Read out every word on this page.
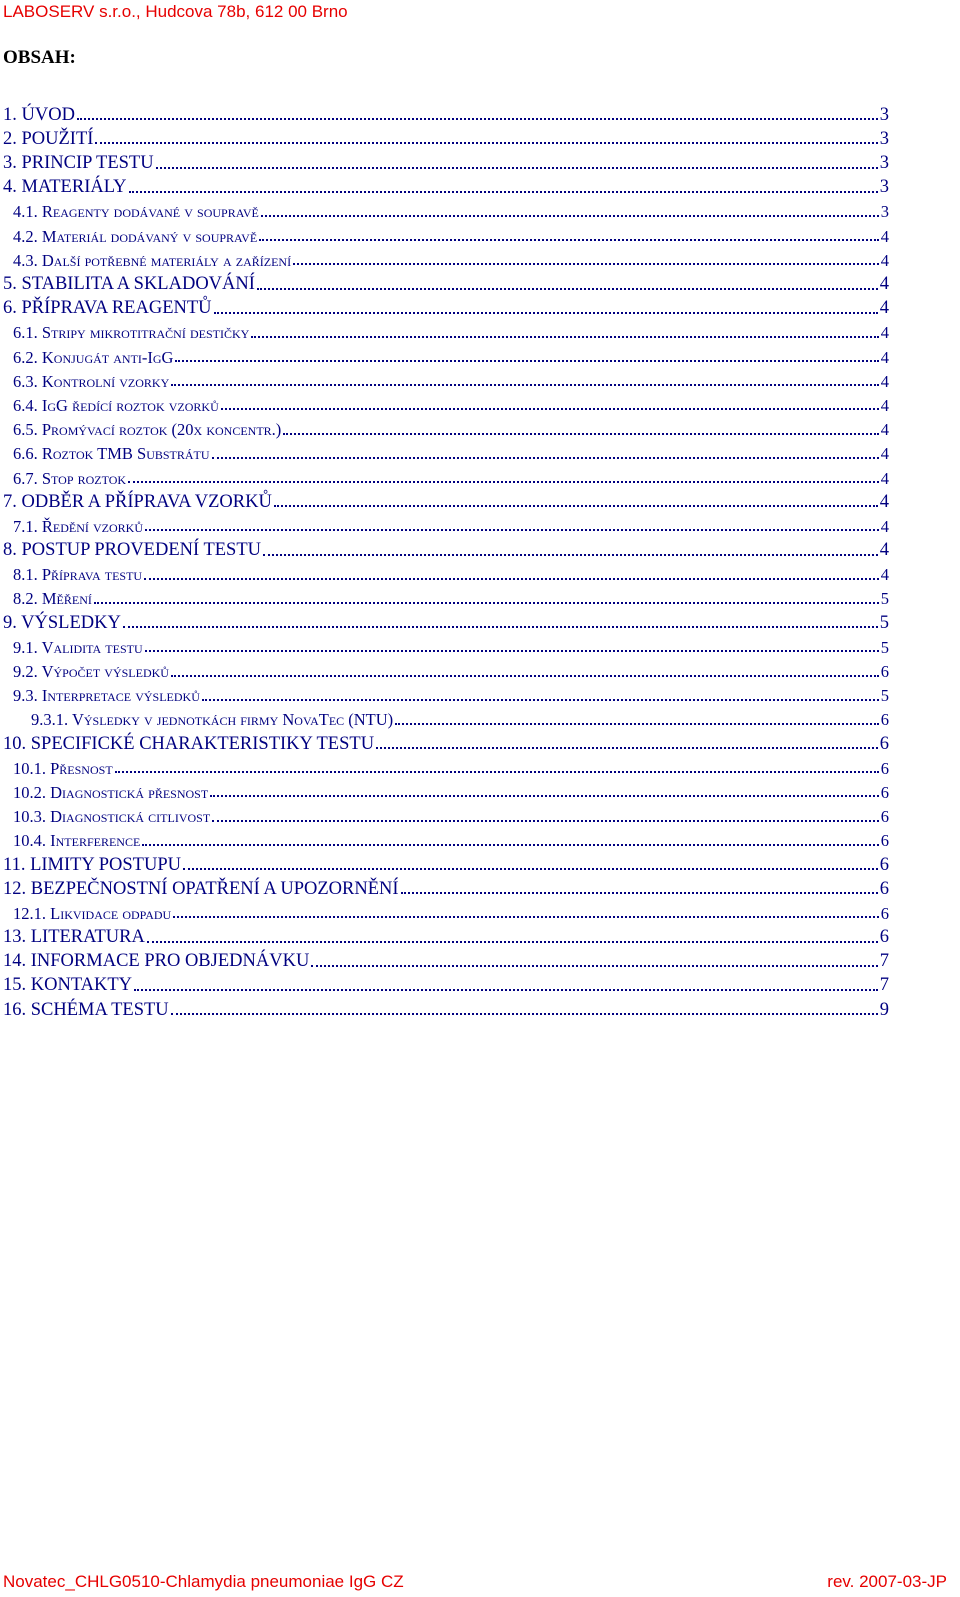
LABOSERV s.r.o., Hudcova 78b, 612 00 Brno
OBSAH:
1. ÚVOD	3
2. POUŽITÍ	3
3. PRINCIP TESTU	3
4. MATERIÁLY	3
4.1. Reagenty dodávané v soupravě	3
4.2. Materiál dodávaný v soupravě	4
4.3. Další potřebné materiály a zařízení	4
5. STABILITA A SKLADOVÁNÍ	4
6. PŘÍPRAVA REAGENTŮ	4
6.1. Stripy mikrotitrační destičky	4
6.2. Konjugát anti-IgG	4
6.3. Kontrolní vzorky	4
6.4. IgG ředící roztok vzorků	4
6.5. Promývací roztok (20x koncentr.)	4
6.6. Roztok TMB Substrátu	4
6.7. Stop roztok	4
7. ODBĚR A PŘÍPRAVA VZORKŮ	4
7.1. Ředění vzorků	4
8. POSTUP PROVEDENÍ TESTU	4
8.1. Příprava testu	4
8.2. Měření	5
9. VÝSLEDKY	5
9.1. Validita testu	5
9.2. Výpočet výsledků	6
9.3. Interpretace výsledků	5
9.3.1. Výsledky v jednotkách firmy NovaTec (NTU)	6
10. SPECIFICKÉ CHARAKTERISTIKY TESTU	6
10.1. Přesnost	6
10.2. Diagnostická přesnost	6
10.3. Diagnostická citlivost	6
10.4. Interference	6
11. LIMITY POSTUPU	6
12. BEZPEČNOSTNÍ OPATŘENÍ A UPOZORNĚNÍ	6
12.1. Likvidace odpadu	6
13. LITERATURA	6
14. INFORMACE PRO OBJEDNÁVKU	7
15. KONTAKTY	7
16. SCHÉMA TESTU	9
Novatec_CHLG0510-Chlamydia pneumoniae IgG CZ	rev. 2007-03-JP
